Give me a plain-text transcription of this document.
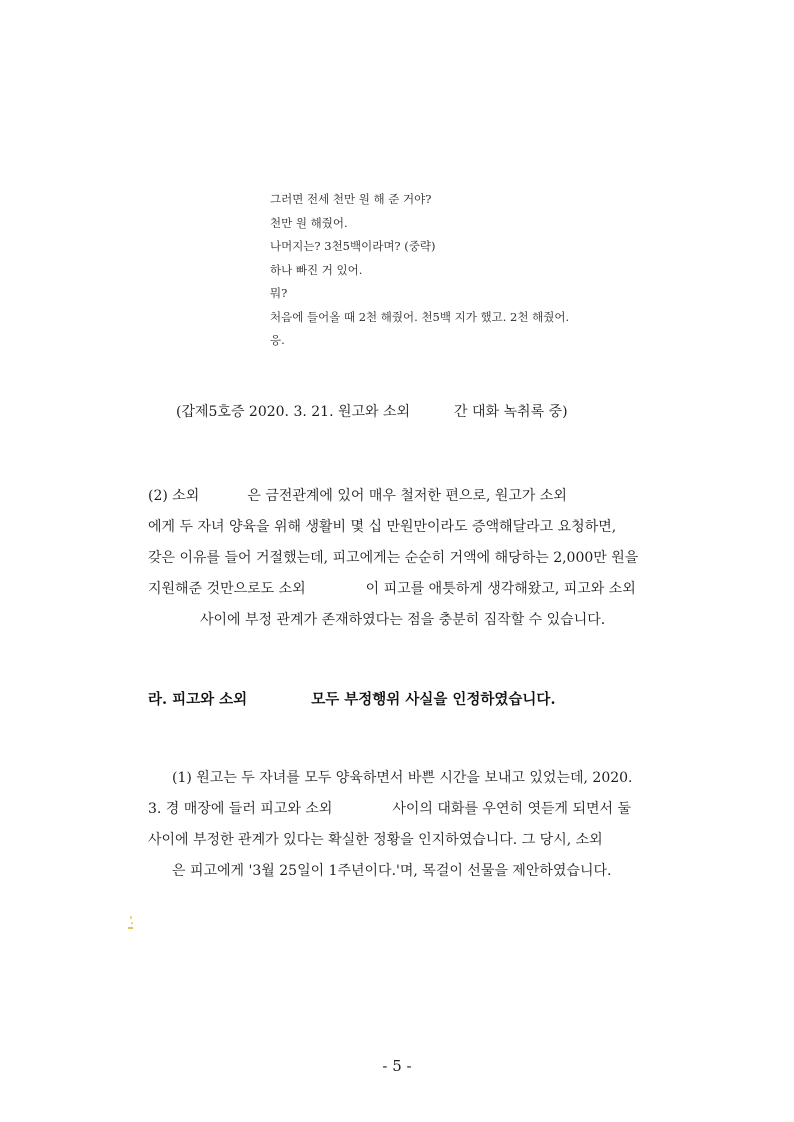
그러면 전세 천만 원 해 준 거야?
천만 원 해줬어.
나머지는? 3천5백이라며? (중략)
하나 빠진 거 있어.
뭐?
처음에 들어올 때 2천 해줬어. 천5백 지가 했고. 2천 해줬어.
응.
(갑제5호증 2020. 3. 21. 원고와 소외	간 대화 녹취록 중)
(2) 소외	은 금전관계에 있어 매우 철저한 편으로, 원고가 소외
에게 두 자녀 양육을 위해 생활비 몇 십 만원만이라도 증액해달라고 요청하면,
갖은 이유를 들어 거절했는데, 피고에게는 순순히 거액에 해당하는 2,000만 원을
지원해준 것만으로도 소외	이 피고를 애틋하게 생각해왔고, 피고와 소외
사이에 부정 관계가 존재하였다는 점을 충분히 짐작할 수 있습니다.
라. 피고와 소외	모두 부정행위 사실을 인정하였습니다.
(1) 원고는 두 자녀를 모두 양육하면서 바쁜 시간을 보내고 있었는데, 2020.
3. 경 매장에 들러 피고와 소외	사이의 대화를 우연히 엿듣게 되면서 둘
사이에 부정한 관계가 있다는 확실한 정황을 인지하였습니다. 그 당시, 소외
은 피고에게 '3월 25일이 1주년이다.'며, 목걸이 선물을 제안하였습니다.
- 5 -
